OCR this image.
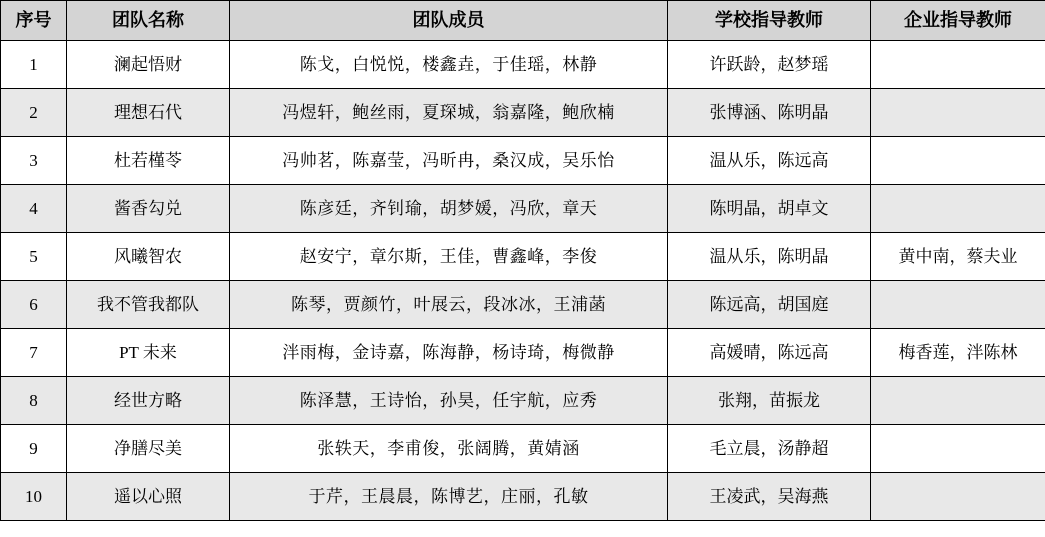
序号	团队名称	团队成员	学校指导教师	企业指导教师
1	澜起悟财	陈戈，白悦悦，楼鑫垚，于佳瑶，林静	许跃龄，赵梦瑶	
2	理想石代	冯煜轩，鲍丝雨，夏琛城，翁嘉隆，鲍欣楠	张博涵、陈明晶	
3	杜若槿苓	冯帅茗，陈嘉莹，冯昕冉，桑汉成，吴乐怡	温从乐，陈远高	
4	酱香勾兑	陈彦廷，齐钊瑜，胡梦媛，冯欣，章天	陈明晶，胡卓文	
5	风曦智农	赵安宁，章尔斯，王佳，曹鑫峰，李俊	温从乐，陈明晶	黄中南，蔡夫业
6	我不管我都队	陈琴，贾颜竹，叶展云，段冰冰，王浦菡	陈远高，胡国庭	
7	PT 未来	泮雨梅，金诗嘉，陈海静，杨诗琦，梅微静	高媛晴，陈远高	梅香莲，泮陈林
8	经世方略	陈泽慧，王诗怡，孙昊，任宇航，应秀	张翔，苗振龙	
9	净膳尽美	张轶天，李甫俊，张阔腾，黄婧涵	毛立晨，汤静超	
10	遥以心照	于芹，王晨晨，陈博艺，庄丽，孔敏	王凌武，吴海燕	
